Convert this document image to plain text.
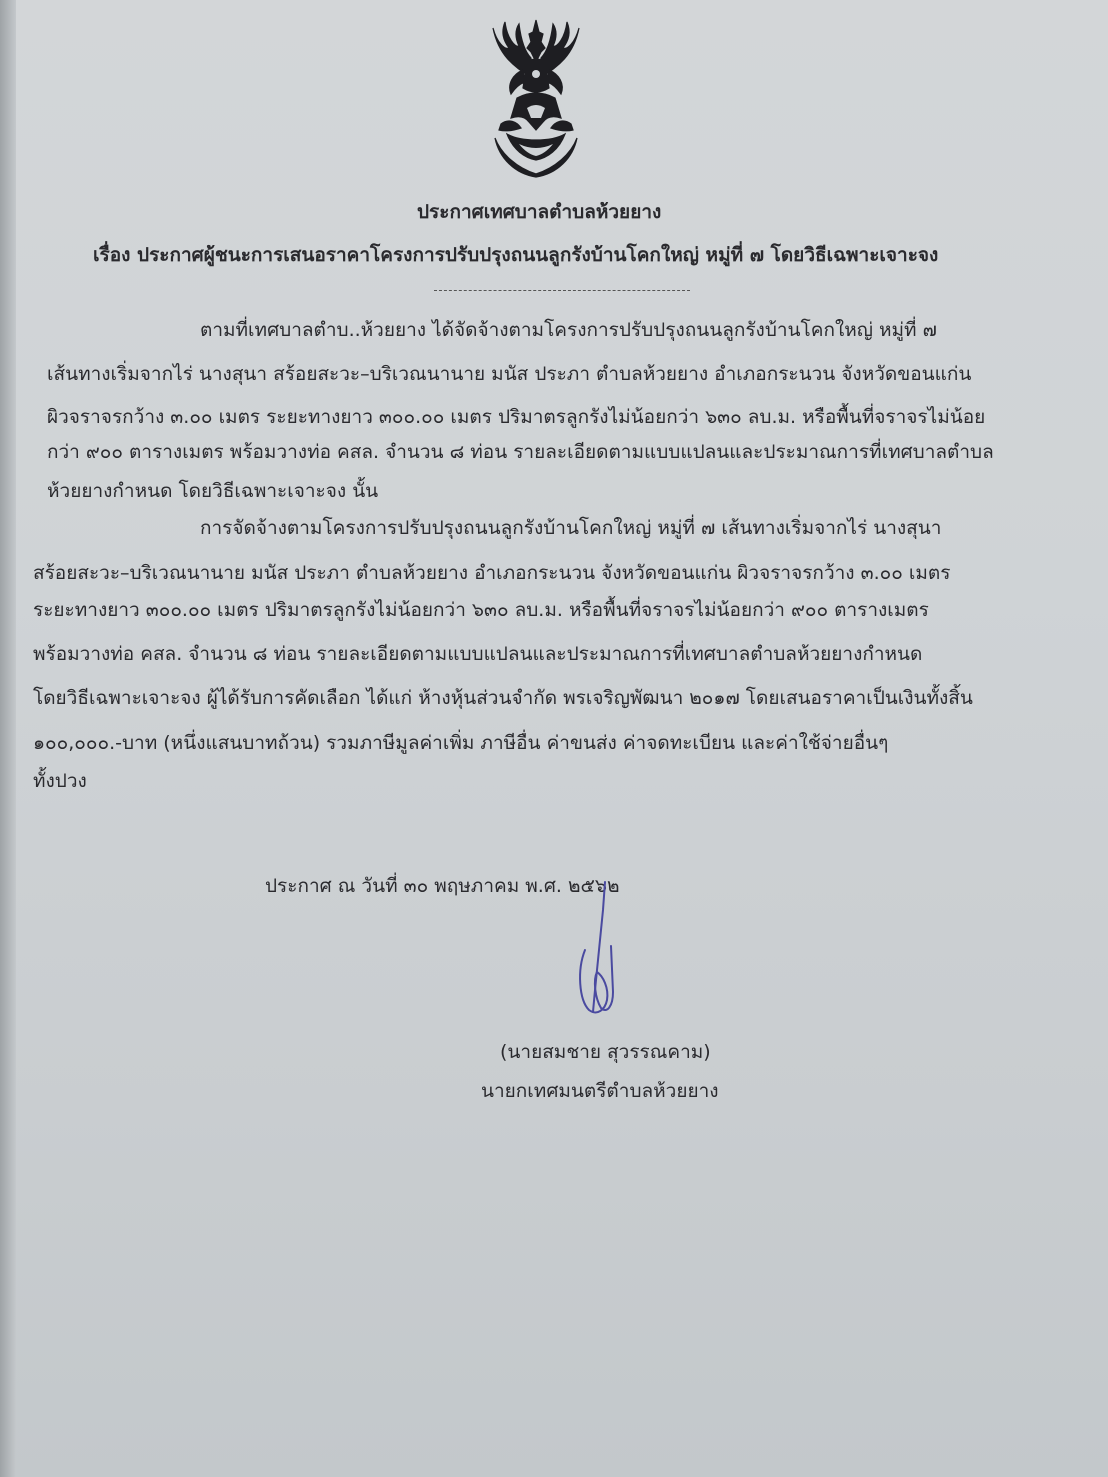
ประกาศเทศบาลตำบลห้วยยาง
เรื่อง ประกาศผู้ชนะการเสนอราคาโครงการปรับปรุงถนนลูกรังบ้านโคกใหญ่ หมู่ที่ ๗ โดยวิธีเฉพาะเจาะจง
ตามที่เทศบาลตำบ..ห้วยยาง ได้จัดจ้างตามโครงการปรับปรุงถนนลูกรังบ้านโคกใหญ่ หมู่ที่ ๗
เส้นทางเริ่มจากไร่ นางสุนา สร้อยสะวะ–บริเวณนานาย มนัส ประภา ตำบลห้วยยาง อำเภอกระนวน จังหวัดขอนแก่น
ผิวจราจรกว้าง ๓.๐๐ เมตร ระยะทางยาว ๓๐๐.๐๐ เมตร ปริมาตรลูกรังไม่น้อยกว่า ๖๓๐ ลบ.ม. หรือพื้นที่จราจรไม่น้อย
กว่า ๙๐๐ ตารางเมตร พร้อมวางท่อ คสล. จำนวน ๘ ท่อน รายละเอียดตามแบบแปลนและประมาณการที่เทศบาลตำบล
ห้วยยางกำหนด โดยวิธีเฉพาะเจาะจง นั้น
การจัดจ้างตามโครงการปรับปรุงถนนลูกรังบ้านโคกใหญ่ หมู่ที่ ๗ เส้นทางเริ่มจากไร่ นางสุนา
สร้อยสะวะ–บริเวณนานาย มนัส ประภา ตำบลห้วยยาง อำเภอกระนวน จังหวัดขอนแก่น ผิวจราจรกว้าง ๓.๐๐ เมตร
ระยะทางยาว ๓๐๐.๐๐ เมตร ปริมาตรลูกรังไม่น้อยกว่า ๖๓๐ ลบ.ม. หรือพื้นที่จราจรไม่น้อยกว่า ๙๐๐ ตารางเมตร
พร้อมวางท่อ คสล. จำนวน ๘ ท่อน รายละเอียดตามแบบแปลนและประมาณการที่เทศบาลตำบลห้วยยางกำหนด
โดยวิธีเฉพาะเจาะจง ผู้ได้รับการคัดเลือก ได้แก่ ห้างหุ้นส่วนจำกัด พรเจริญพัฒนา ๒๐๑๗ โดยเสนอราคาเป็นเงินทั้งสิ้น
๑๐๐,๐๐๐.-บาท (หนึ่งแสนบาทถ้วน) รวมภาษีมูลค่าเพิ่ม ภาษีอื่น ค่าขนส่ง ค่าจดทะเบียน และค่าใช้จ่ายอื่นๆ
ทั้งปวง
ประกาศ ณ วันที่ ๓๐ พฤษภาคม พ.ศ. ๒๕๖๒
(นายสมชาย สุวรรณคาม)
นายกเทศมนตรีตำบลห้วยยาง
